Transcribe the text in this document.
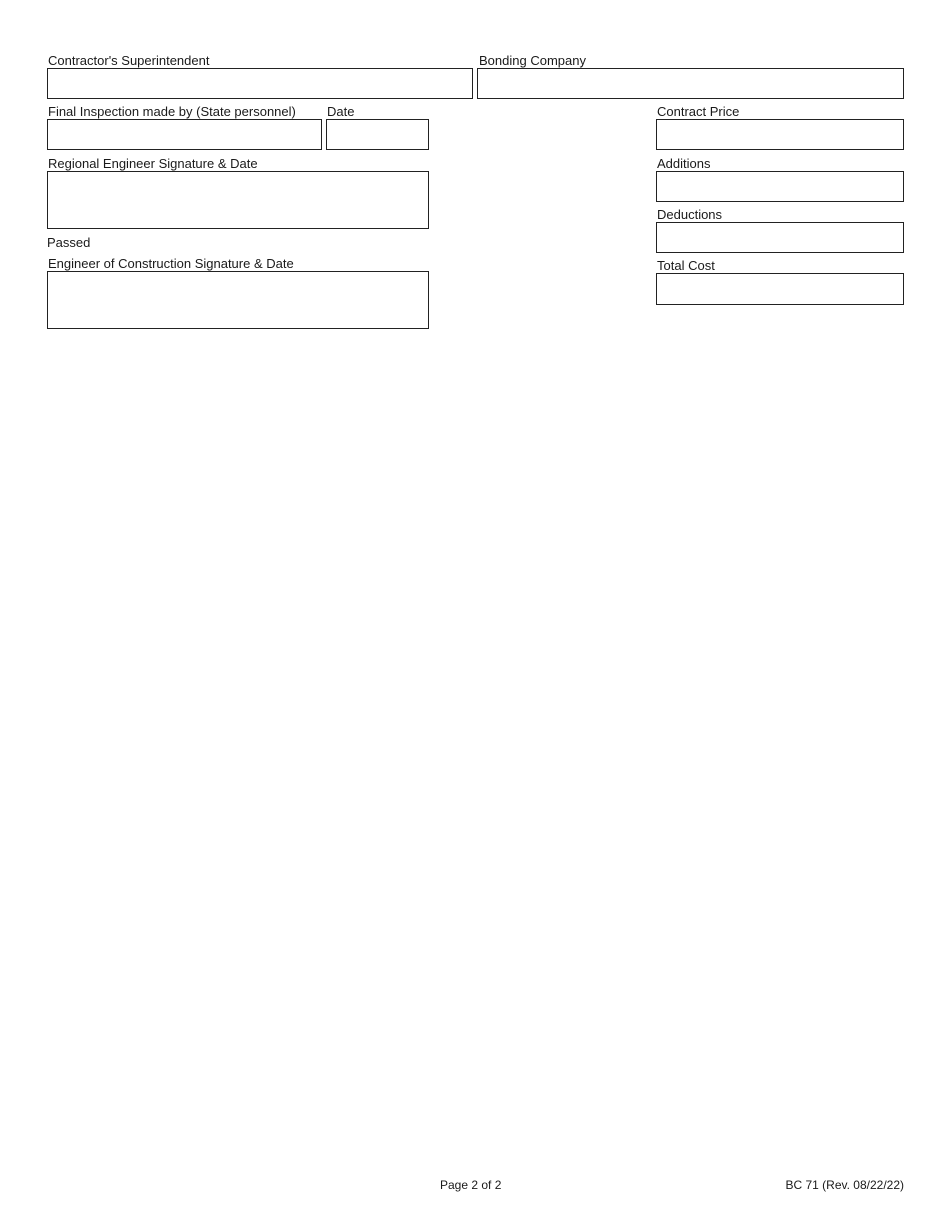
Contractor's Superintendent	Bonding Company
Final Inspection made by (State personnel) Date
Regional Engineer Signature & Date
Passed
Engineer of Construction Signature & Date
Contract Price
Additions
Deductions
Total Cost
Page 2 of 2	BC 71 (Rev. 08/22/22)
